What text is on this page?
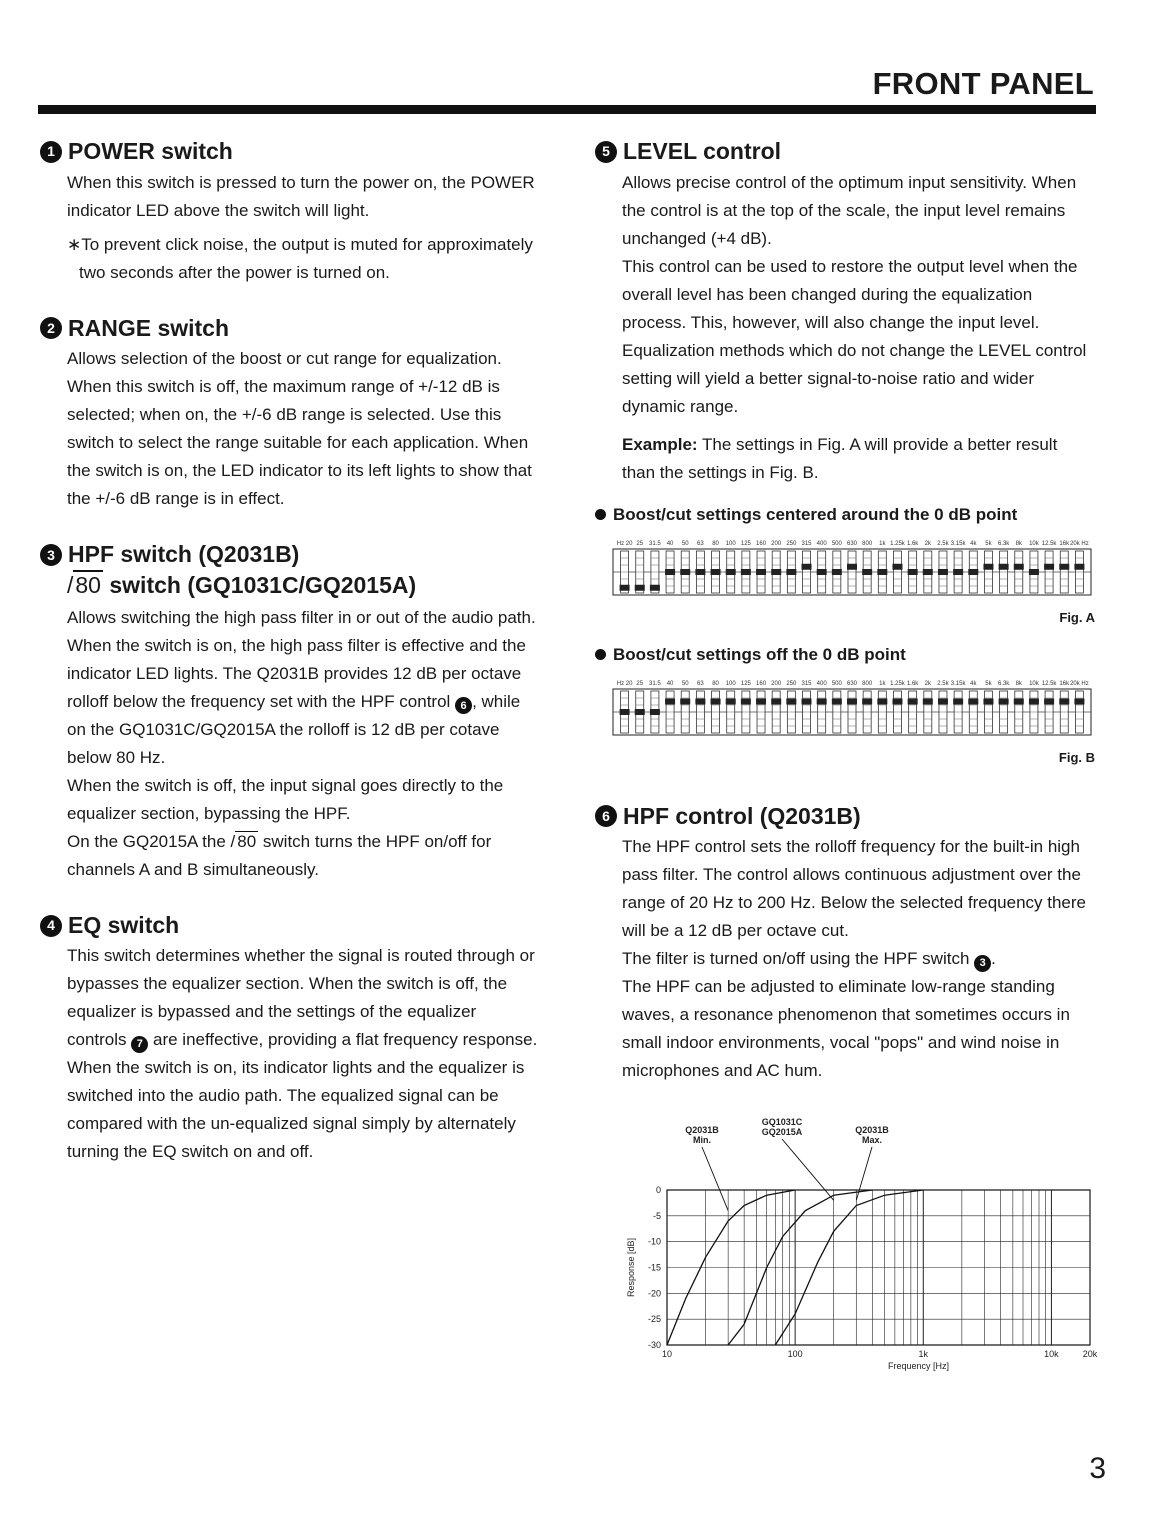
FRONT PANEL
1 POWER switch

When this switch is pressed to turn the power on, the POWER indicator LED above the switch will light.

∗To prevent click noise, the output is muted for approximately two seconds after the power is turned on.

2 RANGE switch

Allows selection of the boost or cut range for equalization. When this switch is off, the maximum range of +/-12 dB is selected; when on, the +/-6 dB range is selected. Use this switch to select the range suitable for each application. When the switch is on, the LED indicator to its left lights to show that the +/-6 dB range is in effect.

3 HPF switch (Q2031B)
/80 switch (GQ1031C/GQ2015A)

Allows switching the high pass filter in or out of the audio path. When the switch is on, the high pass filter is effective and the indicator LED lights. The Q2031B provides 12 dB per octave rolloff below the frequency set with the HPF control 6 , while on the GQ1031C/GQ2015A the rolloff is 12 dB per cotave below 80 Hz.

When the switch is off, the input signal goes directly to the equalizer section, bypassing the HPF.

On the GQ2015A the / 80 switch turns the HPF on/off for channels A and B simultaneously.

4 EQ switch

This switch determines whether the signal is routed through or bypasses the equalizer section. When the switch is off, the equalizer is bypassed and the settings of the equalizer controls 7 are ineffective, providing a flat frequency response. When the switch is on, its indicator lights and the equalizer is switched into the audio path. The equalized signal can be compared with the un-equalized signal simply by alternately turning the EQ switch on and off.

5 LEVEL control

Allows precise control of the optimum input sensitivity. When the control is at the top of the scale, the input level remains unchanged (+4 dB).

This control can be used to restore the output level when the overall level has been changed during the equalization process. This, however, will also change the input level. Equalization methods which do not change the LEVEL control setting will yield a better signal-to-noise ratio and wider dynamic range.

Example: The settings in Fig. A will provide a better result than the settings in Fig. B.

Boost/cut settings centered around the 0 dB point
Hz 20 25 31.5 40 50 63 80 100 125 160 200 250 315 400 500 630 800 1k 1.25k 1.6k 2k 2.5k 3.15k 4k 5k 6.3k 8k 10k 12.5k 16k 20k Hz
Fig. A
Boost/cut settings off the 0 dB point
Hz 20 25 31.5 40 50 63 80 100 125 160 200 250 315 400 500 630 800 1k 1.25k 1.6k 2k 2.5k 3.15k 4k 5k 6.3k 8k 10k 12.5k 16k 20k Hz
Fig. B
6 HPF control (Q2031B)

The HPF control sets the rolloff frequency for the built-in high pass filter. The control allows continuous adjustment over the range of 20 Hz to 200 Hz. Below the selected frequency there will be a 12 dB per octave cut.

The filter is turned on/off using the HPF switch 3 .

The HPF can be adjusted to eliminate low-range standing waves, a resonance phenomenon that sometimes occurs in small indoor environments, vocal "pops" and wind noise in microphones and AC hum.

0
-5
-10
-15
-20
-25
-30
10	100	1k	10k	20k
Frequency [Hz]
Response [dB]
Q2031B
Min.
GQ1031C
GQ2015A	Q2031B
Max.
3
